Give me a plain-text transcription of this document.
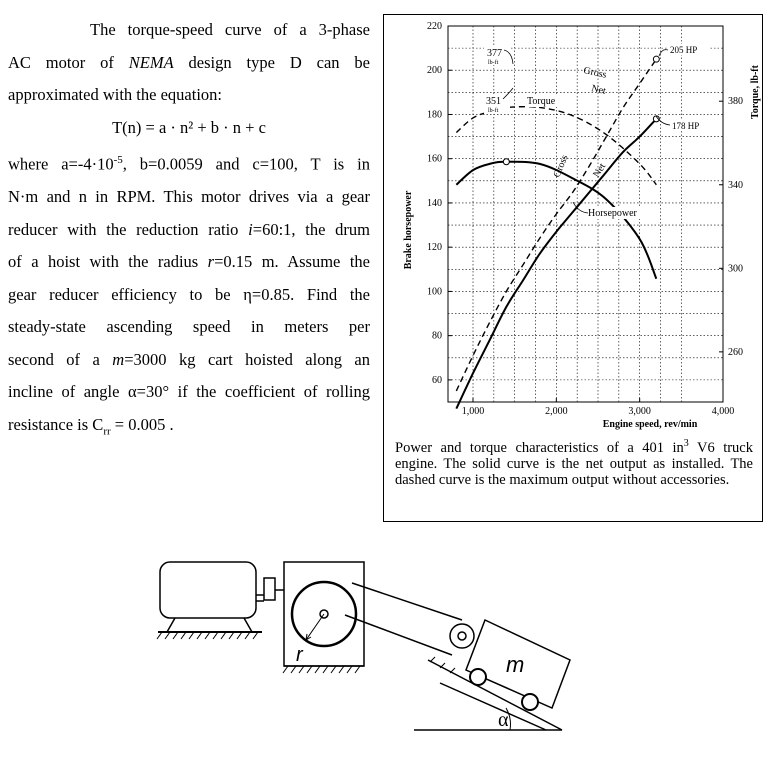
The torque-speed curve of a 3-phase

AC motor of NEMA design type D can be

approximated with the equation:

T(n) = a · n² + b · n + c

where $a=-4\cdot 10^{-5}$, b=0.0059 and c=100, T is in

N·m and n in RPM. This motor drives via a gear

reducer with the reduction ratio i=60:1, the drum

of a hoist with the radius r=0.15 m. Assume the

gear reducer efficiency to be η=0.85. Find the

steady-state ascending speed in meters per

second of a m=3000 kg cart hoisted along an

incline of angle α=30° if the coefficient of rolling

resistance is $C_{rr} = 0.005$ .

60
80
100
120
140
160
180
200
220
260
300
340
380
1,000	2,000	3,000	4,000
Brake horsepower
Torque, lb-ft
Engine speed, rev/min
377
lb-ft
351
lb-ft
205 HP
178 HP
Torque
Horsepower
Gross
Net
Gross Net
Power and torque characteristics of a 401 $in^3$ V6 truck engine. The solid curve is the net output as installed. The dashed curve is the maximum output without accessories.
r
α
m
